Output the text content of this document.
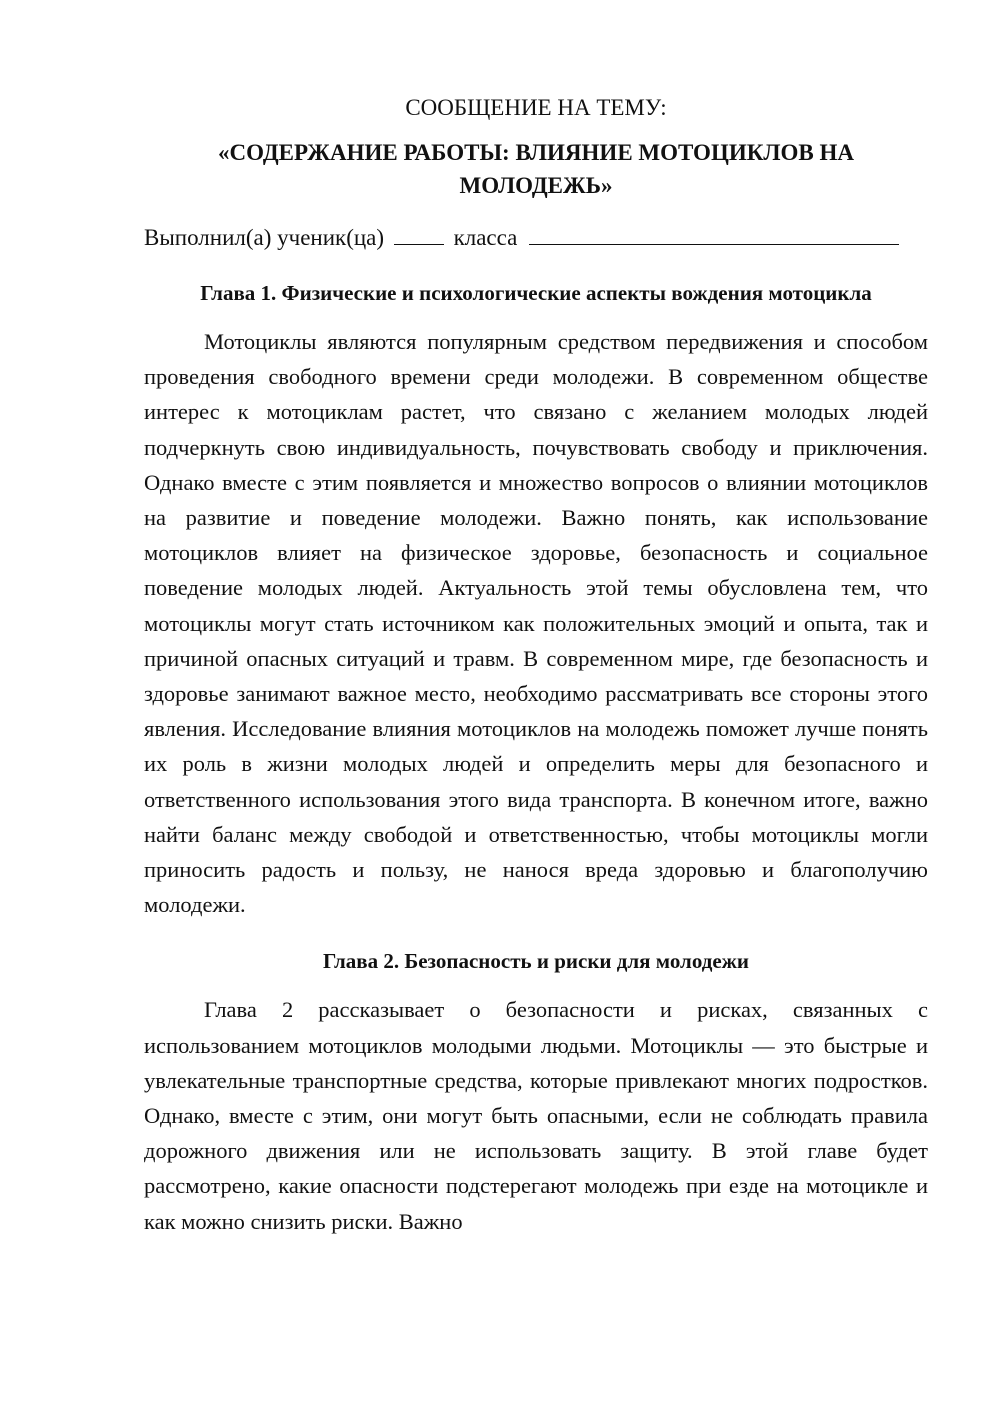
СООБЩЕНИЕ НА ТЕМУ:

«СОДЕРЖАНИЕ РАБОТЫ: ВЛИЯНИЕ МОТОЦИКЛОВ НА МОЛОДЕЖЬ»

Выполнил(а) ученик(ца)	класса

Глава 1. Физические и психологические аспекты вождения мотоцикла

Мотоциклы являются популярным средством передвижения и способом проведения свободного времени среди молодежи. В современном обществе интерес к мотоциклам растет, что связано с желанием молодых людей подчеркнуть свою индивидуальность, почувствовать свободу и приключения. Однако вместе с этим появляется и множество вопросов о влиянии мотоциклов на развитие и поведение молодежи. Важно понять, как использование мотоциклов влияет на физическое здоровье, безопасность и социальное поведение молодых людей. Актуальность этой темы обусловлена тем, что мотоциклы могут стать источником как положительных эмоций и опыта, так и причиной опасных ситуаций и травм. В современном мире, где безопасность и здоровье занимают важное место, необходимо рассматривать все стороны этого явления. Исследование влияния мотоциклов на молодежь поможет лучше понять их роль в жизни молодых людей и определить меры для безопасного и ответственного использования этого вида транспорта. В конечном итоге, важно найти баланс между свободой и ответственностью, чтобы мотоциклы могли приносить радость и пользу, не нанося вреда здоровью и благополучию молодежи.

Глава 2. Безопасность и риски для молодежи

Глава 2 рассказывает о безопасности и рисках, связанных с использованием мотоциклов молодыми людьми. Мотоциклы — это быстрые и увлекательные транспортные средства, которые привлекают многих подростков. Однако, вместе с этим, они могут быть опасными, если не соблюдать правила дорожного движения или не использовать защиту. В этой главе будет рассмотрено, какие опасности подстерегают молодежь при езде на мотоцикле и как можно снизить риски. Важно
